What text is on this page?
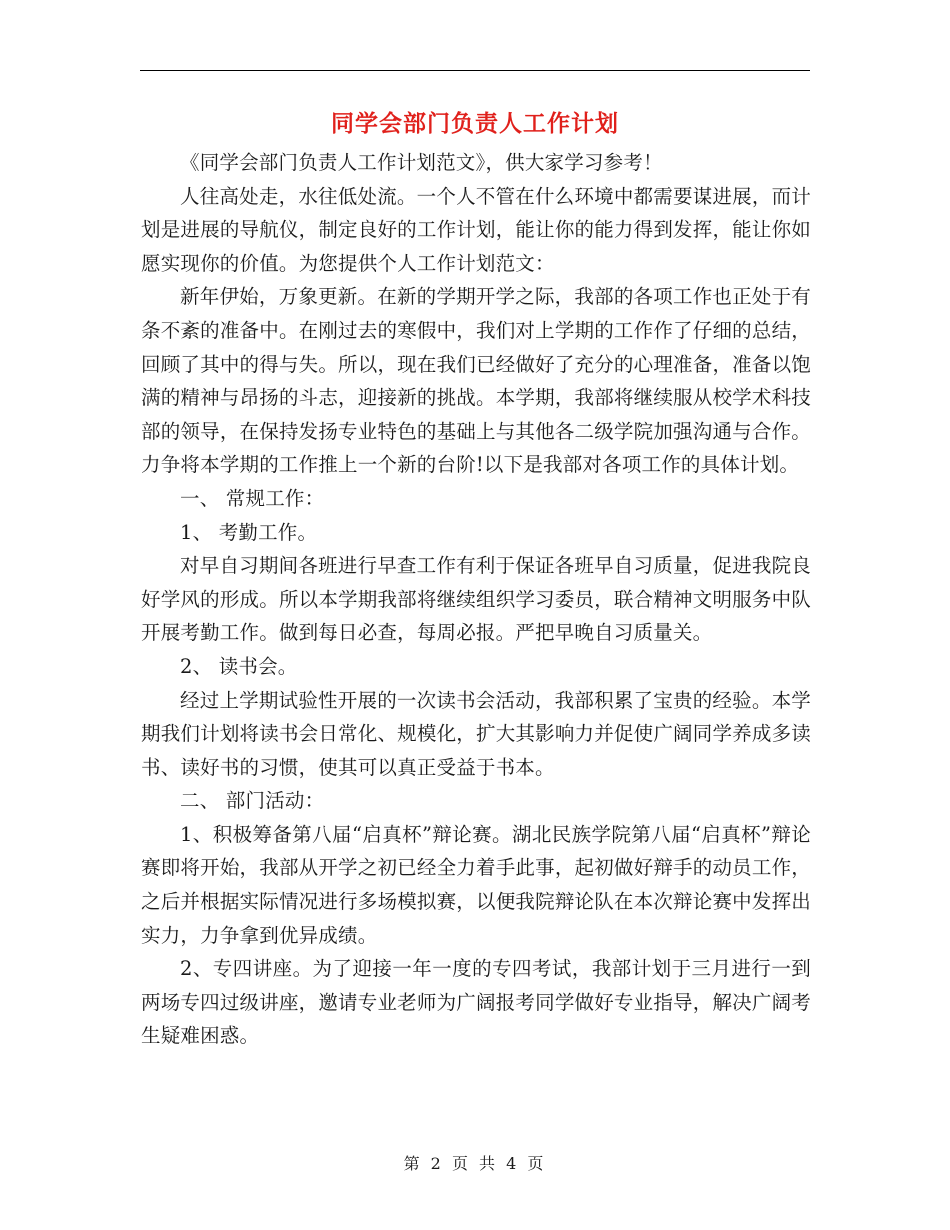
同学会部门负责人工作计划

《同学会部门负责人工作计划范文》，供大家学习参考！

人往高处走，水往低处流。一个人不管在什么环境中都需要谋进展，而计划是进展的导航仪，制定良好的工作计划，能让你的能力得到发挥，能让你如愿实现你的价值。为您提供个人工作计划范文：

新年伊始，万象更新。在新的学期开学之际，我部的各项工作也正处于有条不紊的准备中。在刚过去的寒假中，我们对上学期的工作作了仔细的总结，回顾了其中的得与失。所以，现在我们已经做好了充分的心理准备，准备以饱满的精神与昂扬的斗志，迎接新的挑战。本学期，我部将继续服从校学术科技部的领导，在保持发扬专业特色的基础上与其他各二级学院加强沟通与合作。力争将本学期的工作推上一个新的台阶!以下是我部对各项工作的具体计划。

一、 常规工作：

1、 考勤工作。

对早自习期间各班进行早查工作有利于保证各班早自习质量，促进我院良好学风的形成。所以本学期我部将继续组织学习委员，联合精神文明服务中队开展考勤工作。做到每日必查，每周必报。严把早晚自习质量关。

2、 读书会。

经过上学期试验性开展的一次读书会活动，我部积累了宝贵的经验。本学期我们计划将读书会日常化、规模化，扩大其影响力并促使广阔同学养成多读书、读好书的习惯，使其可以真正受益于书本。

二、 部门活动：

1、积极筹备第八届“启真杯”辩论赛。湖北民族学院第八届“启真杯”辩论赛即将开始，我部从开学之初已经全力着手此事，起初做好辩手的动员工作，之后并根据实际情况进行多场模拟赛，以便我院辩论队在本次辩论赛中发挥出实力，力争拿到优异成绩。

2、专四讲座。为了迎接一年一度的专四考试，我部计划于三月进行一到两场专四过级讲座，邀请专业老师为广阔报考同学做好专业指导，解决广阔考生疑难困惑。

第 2 页 共 4 页
